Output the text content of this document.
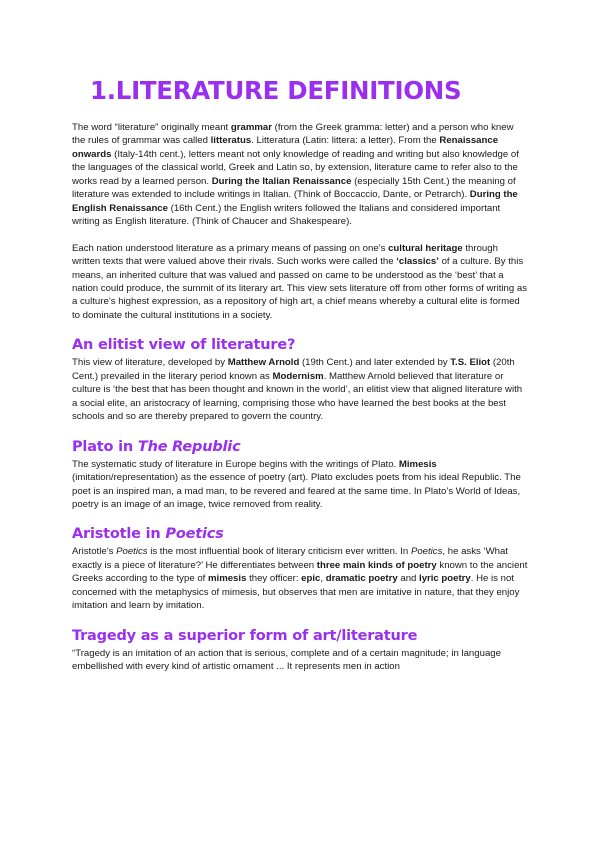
1.LITERATURE DEFINITIONS

The word “literature” originally meant grammar (from the Greek gramma: letter) and a person who knew the rules of grammar was called litteratus. Litteratura (Latin: littera: a letter). From the Renaissance onwards (Italy-14th cent.), letters meant not only knowledge of reading and writing but also knowledge of the languages of the classical world, Greek and Latin so, by extension, literature came to refer also to the works read by a learned person. During the Italian Renaissance (especially 15th Cent.) the meaning of literature was extended to include writings in Italian. (Think of Boccaccio, Dante, or Petrarch). During the English Renaissance (16th Cent.) the English writers followed the Italians and considered important writing as English literature. (Think of Chaucer and Shakespeare).

Each nation understood literature as a primary means of passing on one’s cultural heritage through written texts that were valued above their rivals. Such works were called the ‘classics’ of a culture. By this means, an inherited culture that was valued and passed on came to be understood as the ‘best’ that a nation could produce, the summit of its literary art. This view sets literature off from other forms of writing as a culture’s highest expression, as a repository of high art, a chief means whereby a cultural elite is formed to dominate the cultural institutions in a society.

An elitist view of literature?

This view of literature, developed by Matthew Arnold (19th Cent.) and later extended by T.S. Eliot (20th Cent.) prevailed in the literary period known as Modernism. Matthew Arnold believed that literature or culture is ‘the best that has been thought and known in the world’, an elitist view that aligned literature with a social elite, an aristocracy of learning, comprising those who have learned the best books at the best schools and so are thereby prepared to govern the country.

Plato in The Republic

The systematic study of literature in Europe begins with the writings of Plato. Mimesis (imitation/representation) as the essence of poetry (art). Plato excludes poets from his ideal Republic. The poet is an inspired man, a mad man, to be revered and feared at the same time. In Plato’s World of Ideas, poetry is an image of an image, twice removed from reality.

Aristotle in Poetics

Aristotle’s Poetics is the most influential book of literary criticism ever written. In Poetics, he asks ‘What exactly is a piece of literature?’ He differentiates between three main kinds of poetry known to the ancient Greeks according to the type of mimesis they officer: epic, dramatic poetry and lyric poetry. He is not concerned with the metaphysics of mimesis, but observes that men are imitative in nature, that they enjoy imitation and learn by imitation.

Tragedy as a superior form of art/literature

“Tragedy is an imitation of an action that is serious, complete and of a certain magnitude; in language embellished with every kind of artistic ornament ... It represents men in action
